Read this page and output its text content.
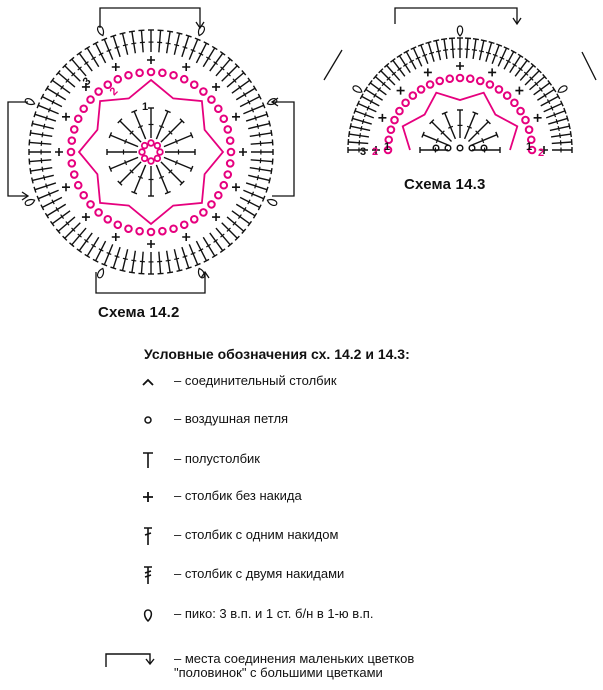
3
2
1
Схема 14.2
3 2 1	1 2
Схема 14.3
Условные обозначения сх. 14.2 и 14.3:
– соединительный столбик
– воздушная петля
– полустолбик
– столбик без накида
– столбик с одним накидом
– столбик с двумя накидами
– пико: 3 в.п. и 1 ст. б/н в 1-ю в.п.
– места соединения маленьких цветков
"половинок" с большими цветками
